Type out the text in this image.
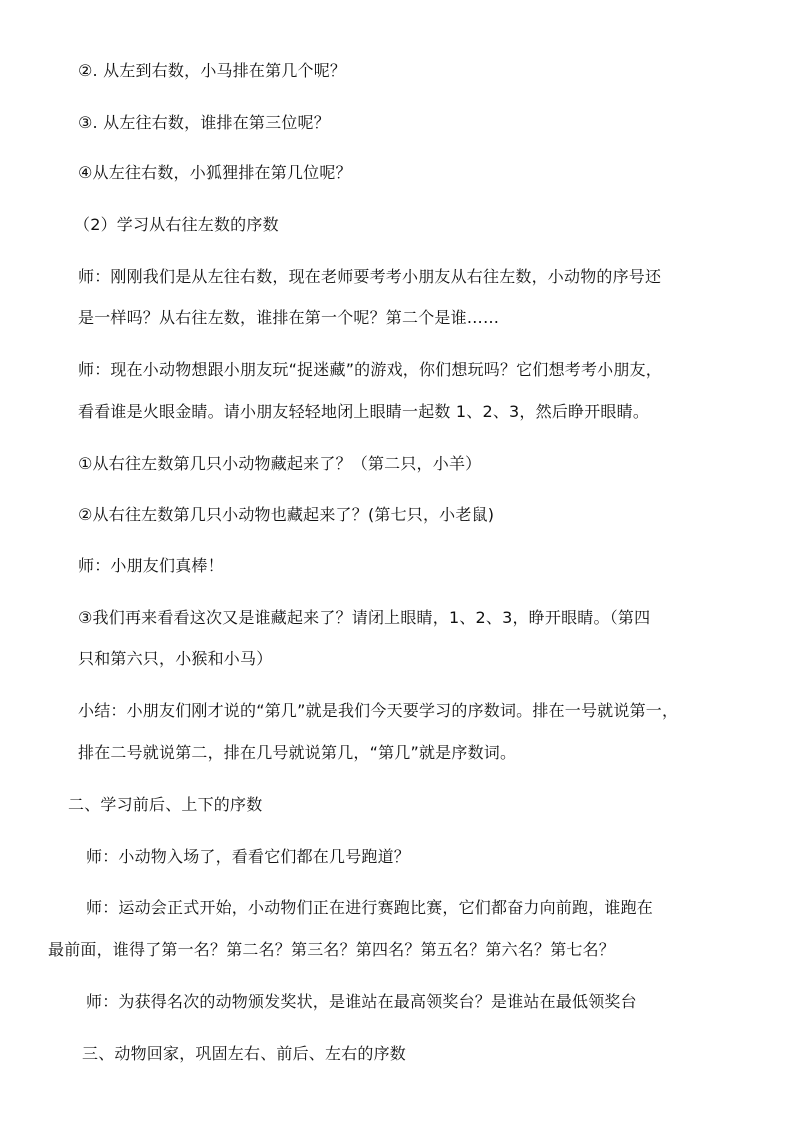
②. 从左到右数，小马排在第几个呢？
③. 从左往右数，谁排在第三位呢？
④从左往右数，小狐狸排在第几位呢？
（2）学习从右往左数的序数
师：刚刚我们是从左往右数，现在老师要考考小朋友从右往左数，小动物的序号还
是一样吗？从右往左数，谁排在第一个呢？第二个是谁……
师：现在小动物想跟小朋友玩“捉迷藏”的游戏，你们想玩吗？它们想考考小朋友，
看看谁是火眼金睛。请小朋友轻轻地闭上眼睛一起数 1、2、3，然后睁开眼睛。
①从右往左数第几只小动物藏起来了？（第二只，小羊）
②从右往左数第几只小动物也藏起来了？(第七只，小老鼠)
师：小朋友们真棒！
③我们再来看看这次又是谁藏起来了？请闭上眼睛，1、2、3，睁开眼睛。（第四
只和第六只，小猴和小马）
小结：小朋友们刚才说的“第几”就是我们今天要学习的序数词。排在一号就说第一，
排在二号就说第二，排在几号就说第几，“第几”就是序数词。
二、学习前后、上下的序数
师：小动物入场了，看看它们都在几号跑道？
师：运动会正式开始，小动物们正在进行赛跑比赛，它们都奋力向前跑，谁跑在
最前面，谁得了第一名？第二名？第三名？第四名？第五名？第六名？第七名？
师：为获得名次的动物颁发奖状，是谁站在最高领奖台？是谁站在最低领奖台
三、动物回家，巩固左右、前后、左右的序数
